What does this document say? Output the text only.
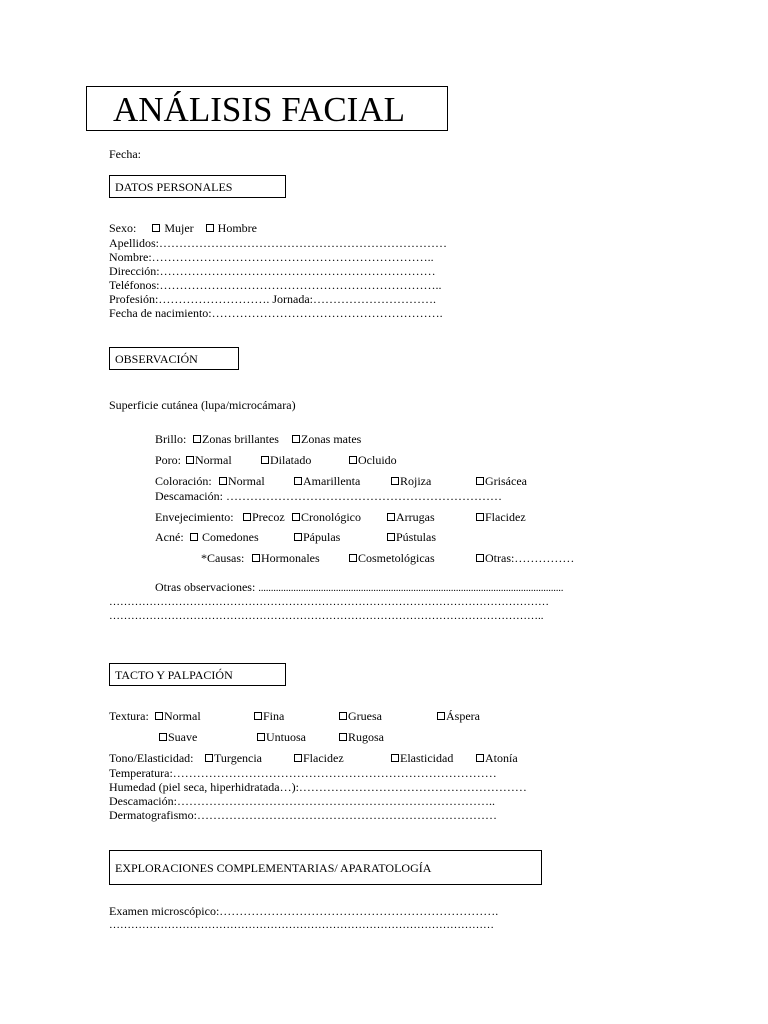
ANÁLISIS FACIAL
Fecha:
DATOS PERSONALES
Sexo: Mujer Hombre
Apellidos:………………………………………………………………
Nombre:……………………………………………………………..
Dirección:……………………………………………………………
Teléfonos:……………………………………………………………..
Profesión:………………………. Jornada:………………………….
Fecha de nacimiento:………………………………………………….
OBSERVACIÓN
Superficie cutánea (lupa/microcámara)
Brillo:	Zonas brillantes	Zonas mates
Poro:	Normal	Dilatado	Ocluido
Coloración:	Normal	Amarillenta	Rojiza	Grisácea
Descamación: ……………………………………………………………
Envejecimiento:	Precoz	Cronológico	Arrugas	Flacidez
Acné:	Comedones	Pápulas	Pústulas
*Causas:	Hormonales	Cosmetológicas	Otras:……………
Otras observaciones: ..........................................................................................................................
…………………………………………………………………………………………………………
………………………………………………………………………………………………………..
TACTO Y PALPACIÓN
Textura:	Normal	Fina	Gruesa	Áspera
Suave	Untuosa	Rugosa
Tono/Elasticidad:	Turgencia	Flacidez	Elasticidad	Atonía
Temperatura:………………………………………………………………………
Humedad (piel seca, hiperhidratada…):…………………………………………………
Descamación:……………………………………………………………………..
Dermatografismo:…………………………………………………………………
EXPLORACIONES COMPLEMENTARIAS/ APARATOLOGÍA
Examen microscópico:…………………………………………………………….
……………………………………………………………………………………………
